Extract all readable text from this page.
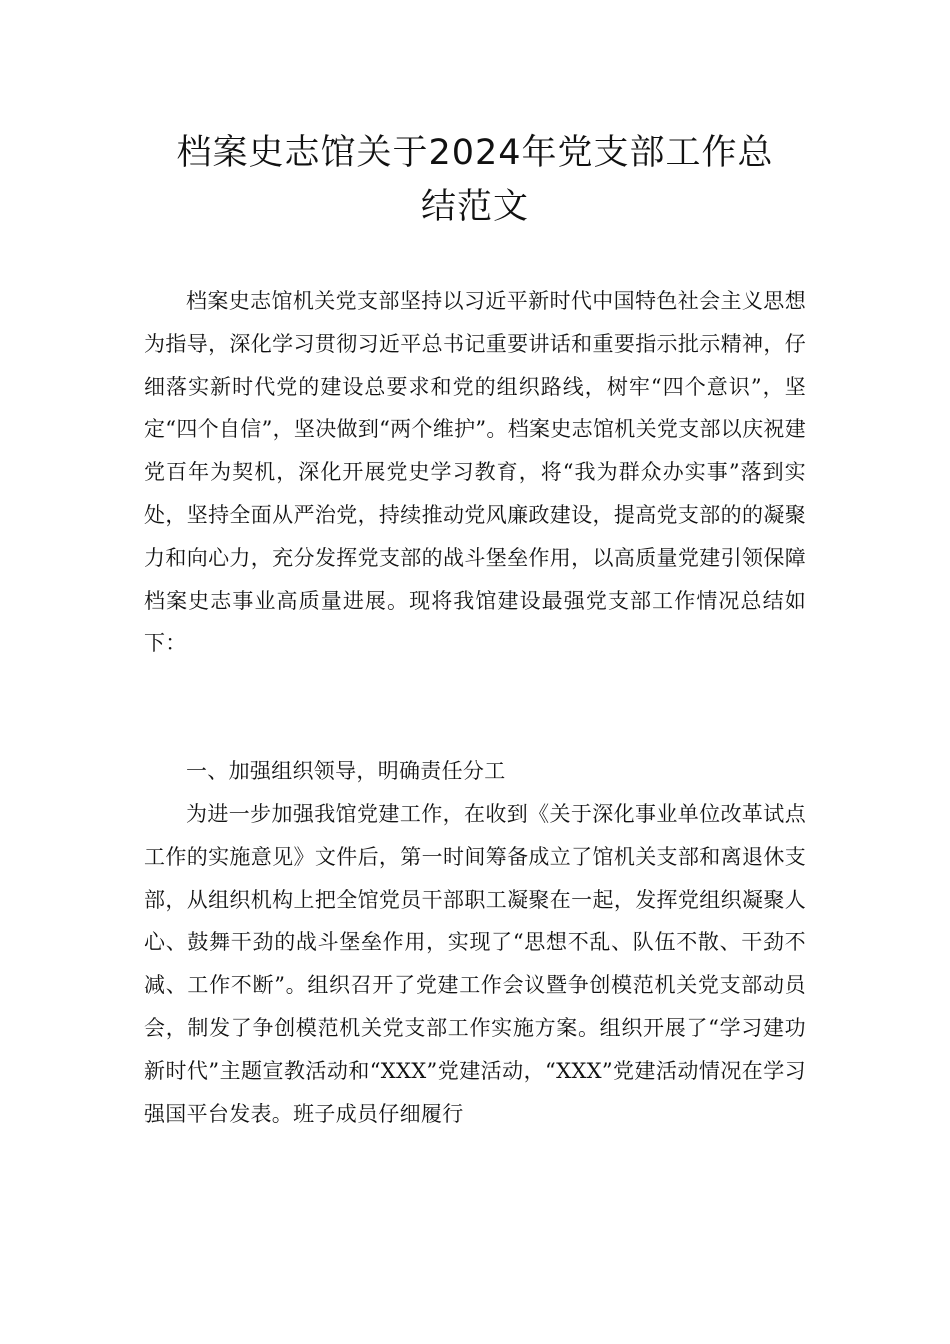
档案史志馆关于2024年党支部工作总
结范文

档案史志馆机关党支部坚持以习近平新时代中国特色社会主义思想为指导，深化学习贯彻习近平总书记重要讲话和重要指示批示精神，仔细落实新时代党的建设总要求和党的组织路线，树牢“四个意识”，坚定“四个自信”，坚决做到“两个维护”。档案史志馆机关党支部以庆祝建党百年为契机，深化开展党史学习教育，将“我为群众办实事”落到实处，坚持全面从严治党，持续推动党风廉政建设，提高党支部的的凝聚力和向心力，充分发挥党支部的战斗堡垒作用，以高质量党建引领保障档案史志事业高质量进展。现将我馆建设最强党支部工作情况总结如下：

一、加强组织领导，明确责任分工

为进一步加强我馆党建工作，在收到《关于深化事业单位改革试点工作的实施意见》文件后，第一时间筹备成立了馆机关支部和离退休支部，从组织机构上把全馆党员干部职工凝聚在一起，发挥党组织凝聚人心、鼓舞干劲的战斗堡垒作用，实现了“思想不乱、队伍不散、干劲不减、工作不断”。组织召开了党建工作会议暨争创模范机关党支部动员会，制发了争创模范机关党支部工作实施方案。组织开展了“学习建功新时代”主题宣教活动和“XXX”党建活动，“XXX”党建活动情况在学习强国平台发表。班子成员仔细履行
